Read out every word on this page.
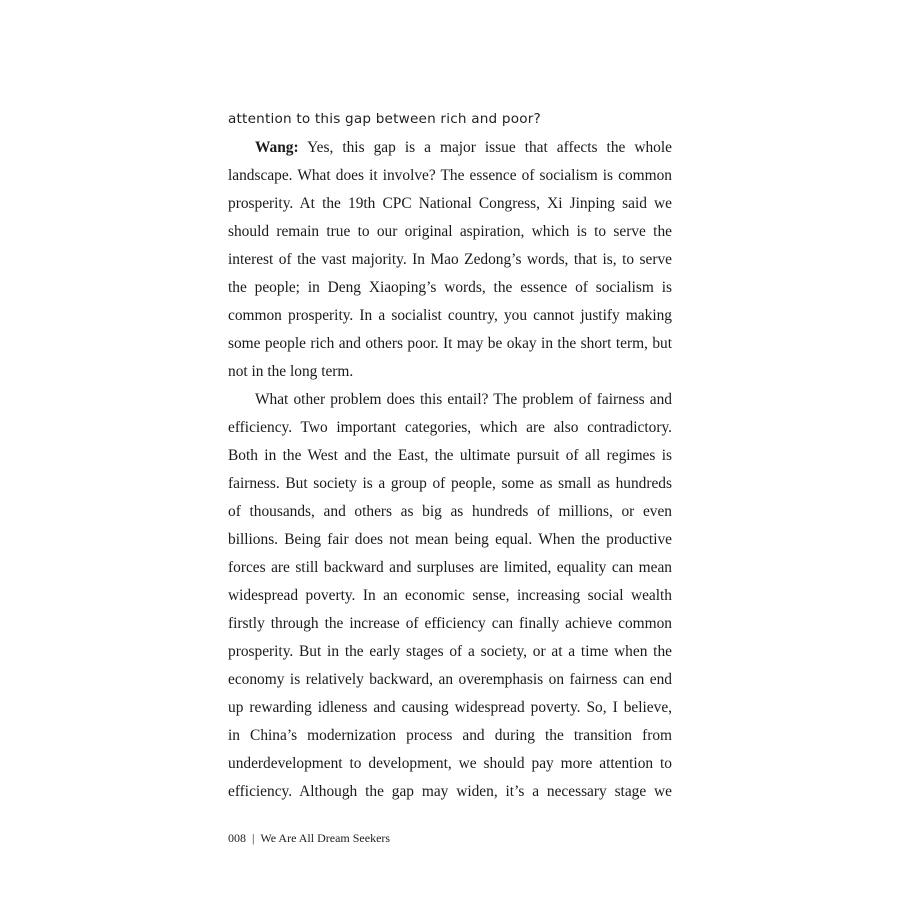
attention to this gap between rich and poor?
Wang: Yes, this gap is a major issue that affects the whole
landscape. What does it involve? The essence of socialism is common
prosperity. At the 19th CPC National Congress, Xi Jinping said we
should remain true to our original aspiration, which is to serve the
interest of the vast majority. In Mao Zedong’s words, that is, to serve
the people; in Deng Xiaoping’s words, the essence of socialism is
common prosperity. In a socialist country, you cannot justify making
some people rich and others poor. It may be okay in the short term, but
not in the long term.
What other problem does this entail? The problem of fairness and
efficiency. Two important categories, which are also contradictory.
Both in the West and the East, the ultimate pursuit of all regimes is
fairness. But society is a group of people, some as small as hundreds
of thousands, and others as big as hundreds of millions, or even
billions. Being fair does not mean being equal. When the productive
forces are still backward and surpluses are limited, equality can mean
widespread poverty. In an economic sense, increasing social wealth
firstly through the increase of efficiency can finally achieve common
prosperity. But in the early stages of a society, or at a time when the
economy is relatively backward, an overemphasis on fairness can end
up rewarding idleness and causing widespread poverty. So, I believe,
in China’s modernization process and during the transition from
underdevelopment to development, we should pay more attention to
efficiency. Although the gap may widen, it’s a necessary stage we
008 | We Are All Dream Seekers
